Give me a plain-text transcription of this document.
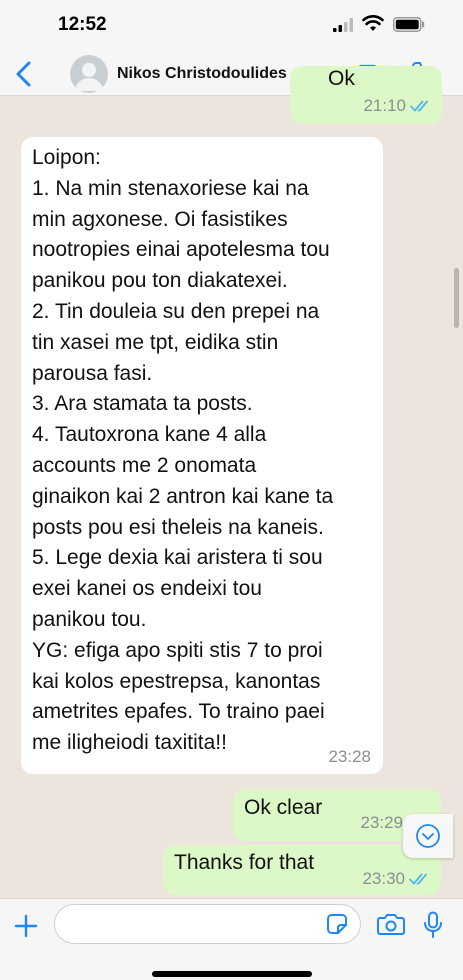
12:52
Nikos Christodoulides Ok
21:10
Loipon:
1. Na min stenaxoriese kai na
min agxonese. Oi fasistikes
nootropies einai apotelesma tou
panikou pou ton diakatexei.
2. Tin douleia su den prepei na
tin xasei me tpt, eidika stin
parousa fasi.
3. Ara stamata ta posts.
4. Tautoxrona kane 4 alla
accounts me 2 onomata
ginaikon kai 2 antron kai kane ta
posts pou esi theleis na kaneis.
5. Lege dexia kai aristera ti sou
exei kanei os endeixi tou
panikou tou.
YG: efiga apo spiti stis 7 to proi
kai kolos epestrepsa, kanontas
ametrites epafes. To traino paei
me iligheiodi taxitita!!
23:28
Ok clear
23:29
Thanks for that
23:30
